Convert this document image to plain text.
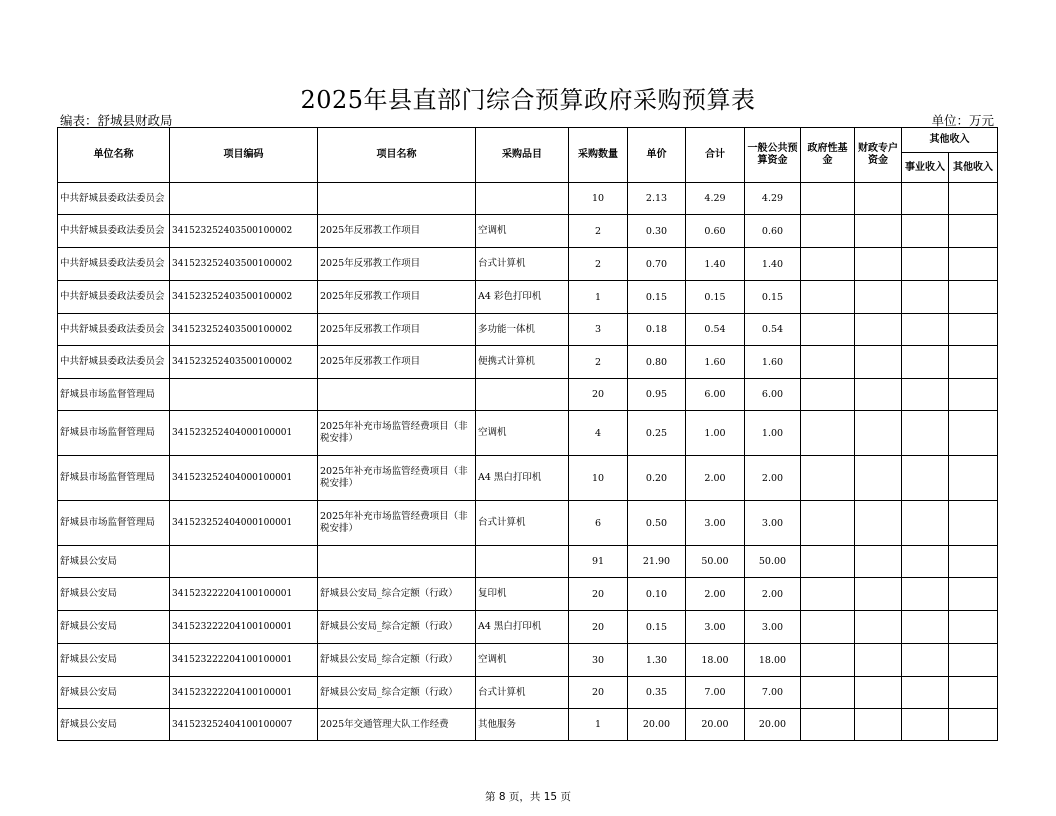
2025年县直部门综合预算政府采购预算表
编表：舒城县财政局	单位：万元
单位名称	项目编码	项目名称	采购品目	采购数量	单价	合计	一般公共预算资金	政府性基金	财政专户资金	其他收入	
										事业收入	其他收入
中共舒城县委政法委员会				10	2.13	4.29	4.29				
中共舒城县委政法委员会	341523252403500100002	2025年反邪教工作项目	空调机	2	0.30	0.60	0.60				
中共舒城县委政法委员会	341523252403500100002	2025年反邪教工作项目	台式计算机	2	0.70	1.40	1.40				
中共舒城县委政法委员会	341523252403500100002	2025年反邪教工作项目	A4 彩色打印机	1	0.15	0.15	0.15				
中共舒城县委政法委员会	341523252403500100002	2025年反邪教工作项目	多功能一体机	3	0.18	0.54	0.54				
中共舒城县委政法委员会	341523252403500100002	2025年反邪教工作项目	便携式计算机	2	0.80	1.60	1.60				
舒城县市场监督管理局				20	0.95	6.00	6.00				
舒城县市场监督管理局	341523252404000100001	2025年补充市场监管经费项目（非税安排）	空调机	4	0.25	1.00	1.00				
舒城县市场监督管理局	341523252404000100001	2025年补充市场监管经费项目（非税安排）	A4 黑白打印机	10	0.20	2.00	2.00				
舒城县市场监督管理局	341523252404000100001	2025年补充市场监管经费项目（非税安排）	台式计算机	6	0.50	3.00	3.00				
舒城县公安局				91	21.90	50.00	50.00				
舒城县公安局	341523222204100100001	舒城县公安局_综合定额（行政）	复印机	20	0.10	2.00	2.00				
舒城县公安局	341523222204100100001	舒城县公安局_综合定额（行政）	A4 黑白打印机	20	0.15	3.00	3.00				
舒城县公安局	341523222204100100001	舒城县公安局_综合定额（行政）	空调机	30	1.30	18.00	18.00				
舒城县公安局	341523222204100100001	舒城县公安局_综合定额（行政）	台式计算机	20	0.35	7.00	7.00				
舒城县公安局	341523252404100100007	2025年交通管理大队工作经费	其他服务	1	20.00	20.00	20.00				
第 8 页，共 15 页
